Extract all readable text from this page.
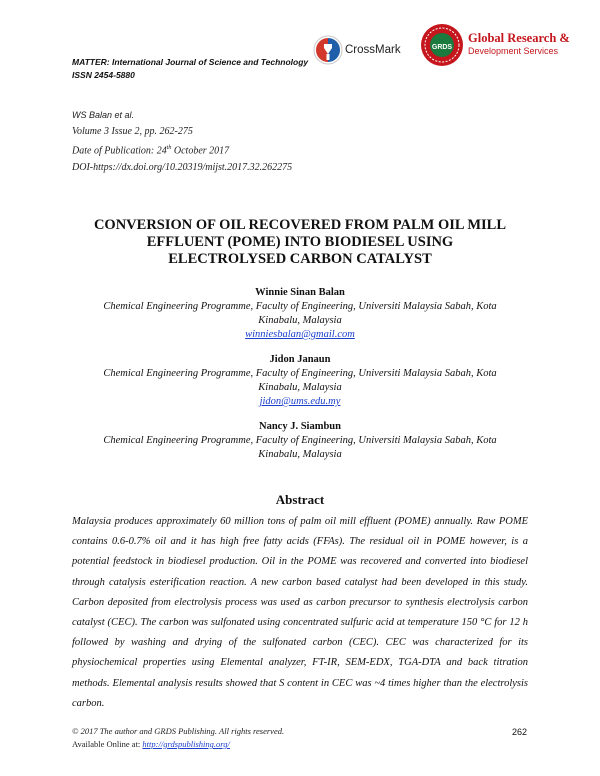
MATTER: International Journal of Science and Technology
ISSN 2454-5880
CrossMark	GRDS
Global Research &
Development Services
WS Balan et al.
Volume 3 Issue 2, pp. 262-275
Date of Publication: 24th October 2017
DOI-https://dx.doi.org/10.20319/mijst.2017.32.262275
CONVERSION OF OIL RECOVERED FROM PALM OIL MILL
EFFLUENT (POME) INTO BIODIESEL USING
ELECTROLYSED CARBON CATALYST
Winnie Sinan Balan
Chemical Engineering Programme, Faculty of Engineering, Universiti Malaysia Sabah, Kota
Kinabalu, Malaysia
winniesbalan@gmail.com
Jidon Janaun
Chemical Engineering Programme, Faculty of Engineering, Universiti Malaysia Sabah, Kota
Kinabalu, Malaysia
jidon@ums.edu.my
Nancy J. Siambun
Chemical Engineering Programme, Faculty of Engineering, Universiti Malaysia Sabah, Kota
Kinabalu, Malaysia
Abstract
Malaysia produces approximately 60 million tons of palm oil mill effluent (POME) annually. Raw POME contains 0.6-0.7% oil and it has high free fatty acids (FFAs). The residual oil in POME however, is a potential feedstock in biodiesel production. Oil in the POME was recovered and converted into biodiesel through catalysis esterification reaction. A new carbon based catalyst had been developed in this study. Carbon deposited from electrolysis process was used as carbon precursor to synthesis electrolysis carbon catalyst (CEC). The carbon was sulfonated using concentrated sulfuric acid at temperature 150 °C for 12 h followed by washing and drying of the sulfonated carbon (CEC). CEC was characterized for its physiochemical properties using Elemental analyzer, FT-IR, SEM-EDX, TGA-DTA and back titration methods. Elemental analysis results showed that S content in CEC was ~4 times higher than the electrolysis carbon.
© 2017 The author and GRDS Publishing. All rights reserved.
Available Online at: http://grdspublishing.org/
262
